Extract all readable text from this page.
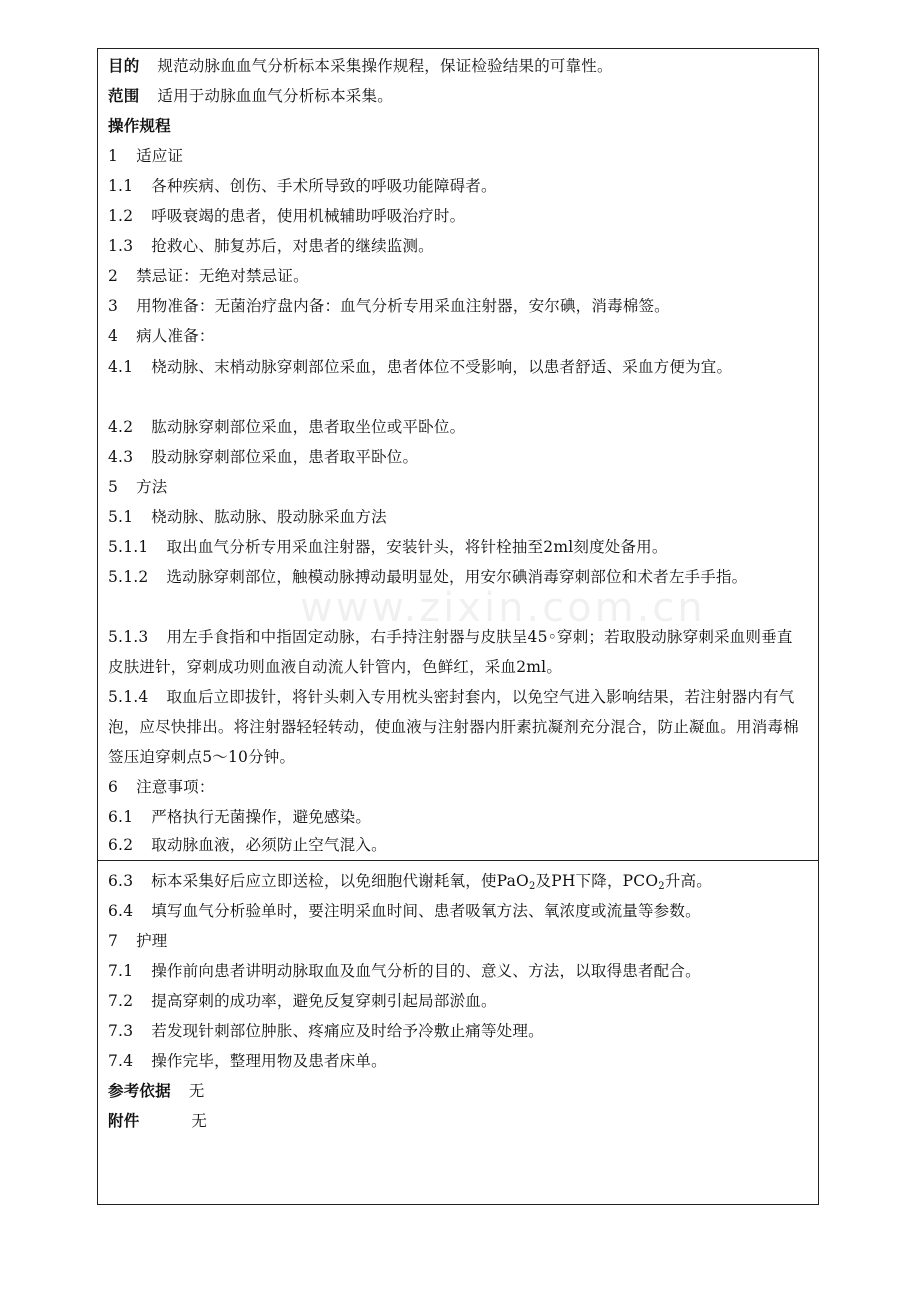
www.zixin.com.cn
目的 规范动脉血血气分析标本采集操作规程，保证检验结果的可靠性。
范围 适用于动脉血血气分析标本采集。
操作规程
1 适应证
1.1 各种疾病、创伤、手术所导致的呼吸功能障碍者。
1.2 呼吸衰竭的患者，使用机械辅助呼吸治疗时。
1.3 抢救心、肺复苏后，对患者的继续监测。
2 禁忌证：无绝对禁忌证。
3 用物准备：无菌治疗盘内备：血气分析专用采血注射器，安尔碘，消毒棉签。
4 病人准备：
4.1 桡动脉、末梢动脉穿刺部位采血，患者体位不受影响，以患者舒适、采血方便为宜。
4.2 肱动脉穿刺部位采血，患者取坐位或平卧位。
4.3 股动脉穿刺部位采血，患者取平卧位。
5 方法
5.1 桡动脉、肱动脉、股动脉采血方法
5.1.1 取出血气分析专用采血注射器，安装针头，将针栓抽至2ml刻度处备用。
5.1.2 选动脉穿刺部位，触模动脉搏动最明显处，用安尔碘消毒穿刺部位和术者左手手指。
5.1.3 用左手食指和中指固定动脉，右手持注射器与皮肤呈45◦穿刺；若取股动脉穿刺采血则垂直皮肤进针，穿刺成功则血液自动流人针管内，色鲜红，采血2ml。
5.1.4 取血后立即拔针，将针头刺入专用枕头密封套内，以免空气进入影响结果，若注射器内有气泡，应尽快排出。将注射器轻轻转动，使血液与注射器内肝素抗凝剂充分混合，防止凝血。用消毒棉签压迫穿刺点5～10分钟。
6 注意事项：
6.1 严格执行无菌操作，避免感染。
6.2 取动脉血液，必须防止空气混入。
6.3 标本采集好后应立即送检，以免细胞代谢耗氧，使PaO$_2$及PH下降，$PCO_2$升高。
6.4 填写血气分析验单时，要注明采血时间、患者吸氧方法、氧浓度或流量等参数。
7 护理
7.1 操作前向患者讲明动脉取血及血气分析的目的、意义、方法，以取得患者配合。
7.2 提高穿刺的成功率，避免反复穿刺引起局部淤血。
7.3 若发现针刺部位肿胀、疼痛应及时给予冷敷止痛等处理。
7.4 操作完毕，整理用物及患者床单。
参考依据 无
附件	无
